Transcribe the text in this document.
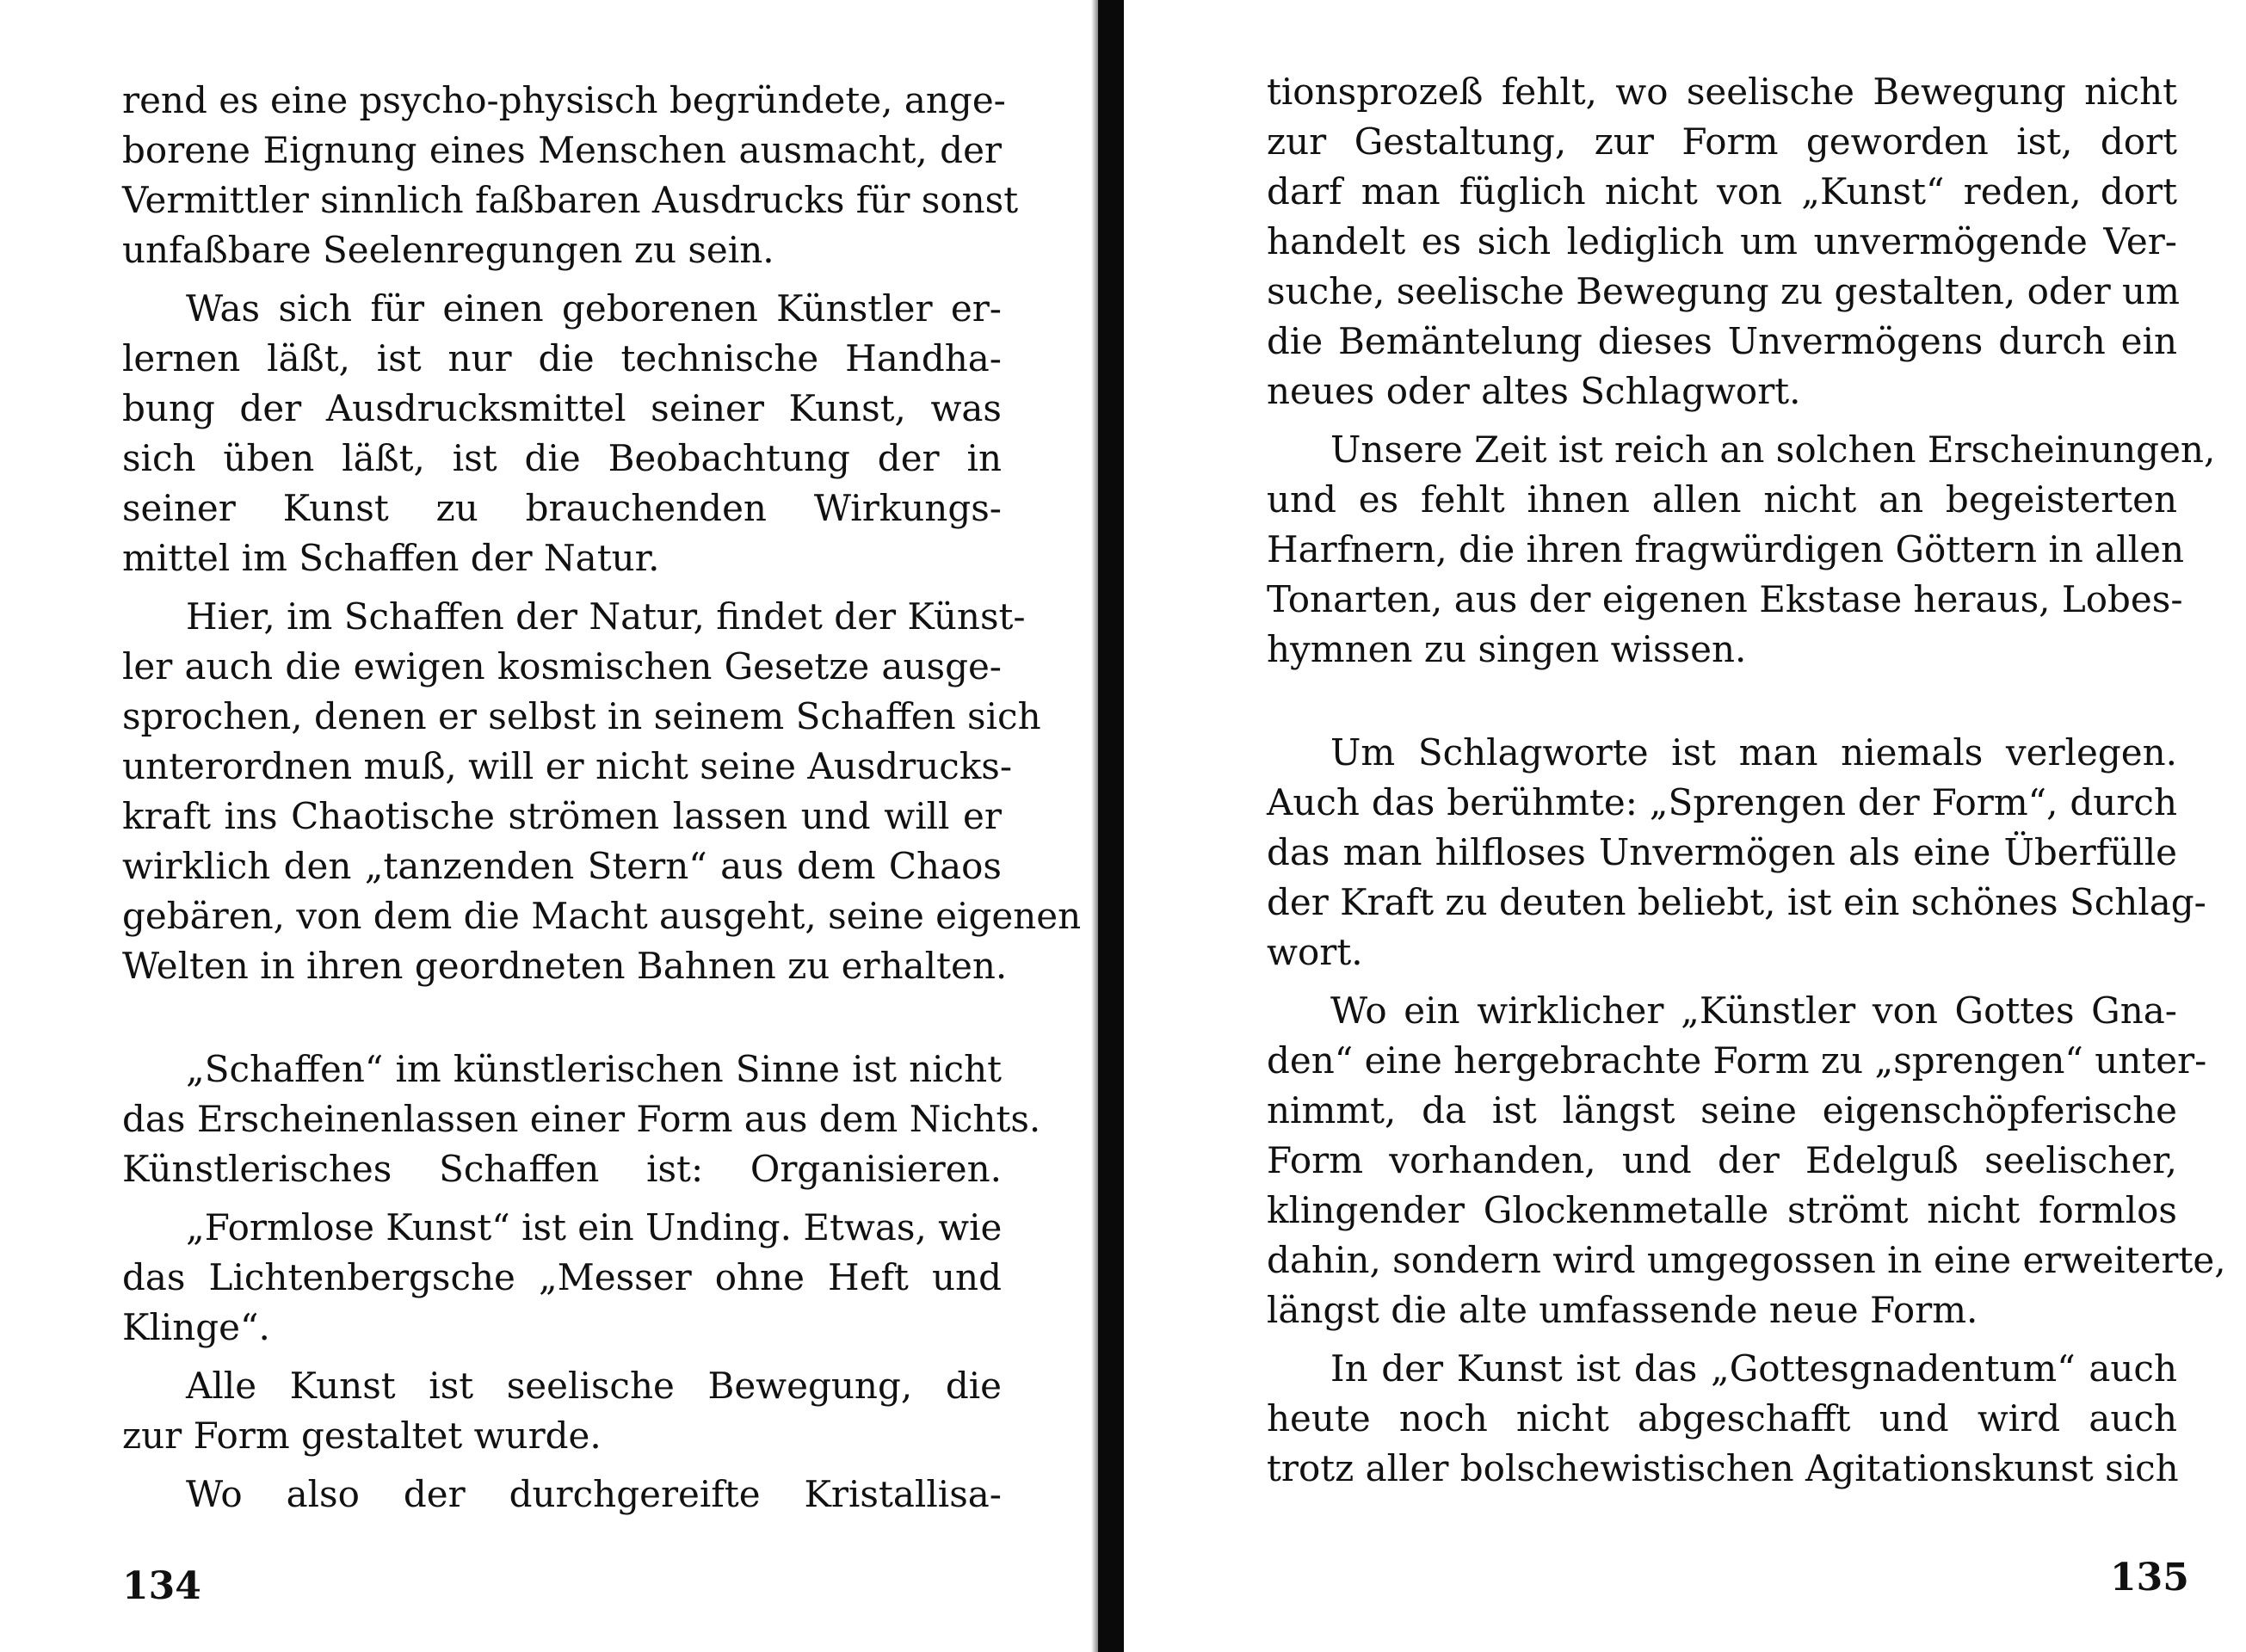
rend es eine psycho-physisch begründete, ange-
borene Eignung eines Menschen ausmacht, der
Vermittler sinnlich faßbaren Ausdrucks für sonst
unfaßbare Seelenregungen zu sein.
Was sich für einen geborenen Künstler er-
lernen läßt, ist nur die technische Handha-
bung der Ausdrucksmittel seiner Kunst, was
sich üben läßt, ist die Beobachtung der in
seiner Kunst zu brauchenden Wirkungs-
mittel im Schaffen der Natur.
Hier, im Schaffen der Natur, findet der Künst-
ler auch die ewigen kosmischen Gesetze ausge-
sprochen, denen er selbst in seinem Schaffen sich
unterordnen muß, will er nicht seine Ausdrucks-
kraft ins Chaotische strömen lassen und will er
wirklich den „tanzenden Stern“ aus dem Chaos
gebären, von dem die Macht ausgeht, seine eigenen
Welten in ihren geordneten Bahnen zu erhalten.
„Schaffen“ im künstlerischen Sinne ist nicht
das Erscheinenlassen einer Form aus dem Nichts.
Künstlerisches Schaffen ist: Organisieren.
„Formlose Kunst“ ist ein Unding. Etwas, wie
das Lichtenbergsche „Messer ohne Heft und
Klinge“.
Alle Kunst ist seelische Bewegung, die
zur Form gestaltet wurde.
Wo also der durchgereifte Kristallisa-
134
tionsprozeß fehlt, wo seelische Bewegung nicht
zur Gestaltung, zur Form geworden ist, dort
darf man füglich nicht von „Kunst“ reden, dort
handelt es sich lediglich um unvermögende Ver-
suche, seelische Bewegung zu gestalten, oder um
die Bemäntelung dieses Unvermögens durch ein
neues oder altes Schlagwort.
Unsere Zeit ist reich an solchen Erscheinungen,
und es fehlt ihnen allen nicht an begeisterten
Harfnern, die ihren fragwürdigen Göttern in allen
Tonarten, aus der eigenen Ekstase heraus, Lobes-
hymnen zu singen wissen.
Um Schlagworte ist man niemals verlegen.
Auch das berühmte: „Sprengen der Form“, durch
das man hilfloses Unvermögen als eine Überfülle
der Kraft zu deuten beliebt, ist ein schönes Schlag-
wort.
Wo ein wirklicher „Künstler von Gottes Gna-
den“ eine hergebrachte Form zu „sprengen“ unter-
nimmt, da ist längst seine eigenschöpferische
Form vorhanden, und der Edelguß seelischer,
klingender Glockenmetalle strömt nicht formlos
dahin, sondern wird umgegossen in eine erweiterte,
längst die alte umfassende neue Form.
In der Kunst ist das „Gottesgnadentum“ auch
heute noch nicht abgeschafft und wird auch
trotz aller bolschewistischen Agitationskunst sich
135
